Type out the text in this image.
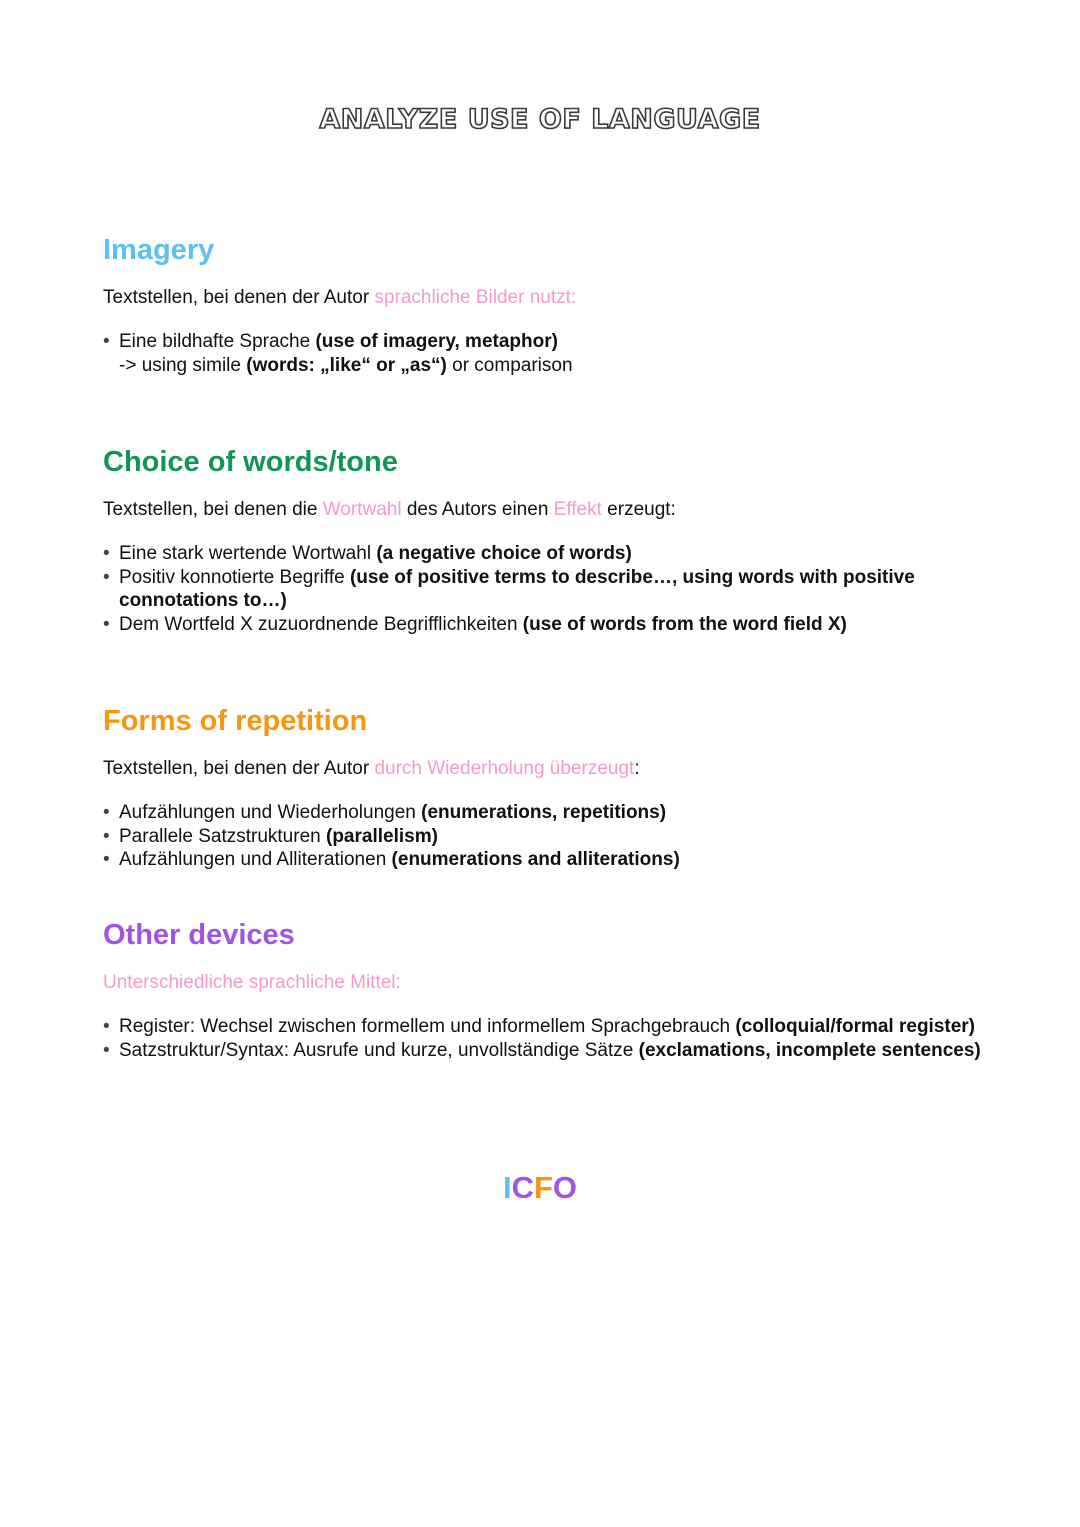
ANALYZE USE OF LANGUAGE
Imagery
Textstellen, bei denen der Autor sprachliche Bilder nutzt:
• Eine bildhafte Sprache (use of imagery, metaphor)
-> using simile (words: „like“ or „as“) or comparison
Choice of words/tone
Textstellen, bei denen die Wortwahl des Autors einen Effekt erzeugt:
• Eine stark wertende Wortwahl (a negative choice of words)
• Positiv konnotierte Begriffe (use of positive terms to describe…, using words with positive connotations to…)
• Dem Wortfeld X zuzuordnende Begrifflichkeiten (use of words from the word field X)
Forms of repetition
Textstellen, bei denen der Autor durch Wiederholung überzeugt:
• Aufzählungen und Wiederholungen (enumerations, repetitions)
• Parallele Satzstrukturen (parallelism)
• Aufzählungen und Alliterationen (enumerations and alliterations)
Other devices
Unterschiedliche sprachliche Mittel:
• Register: Wechsel zwischen formellem und informellem Sprachgebrauch (colloquial/formal register)
• Satzstruktur/Syntax: Ausrufe und kurze, unvollständige Sätze (exclamations, incomplete sentences)
ICFO
